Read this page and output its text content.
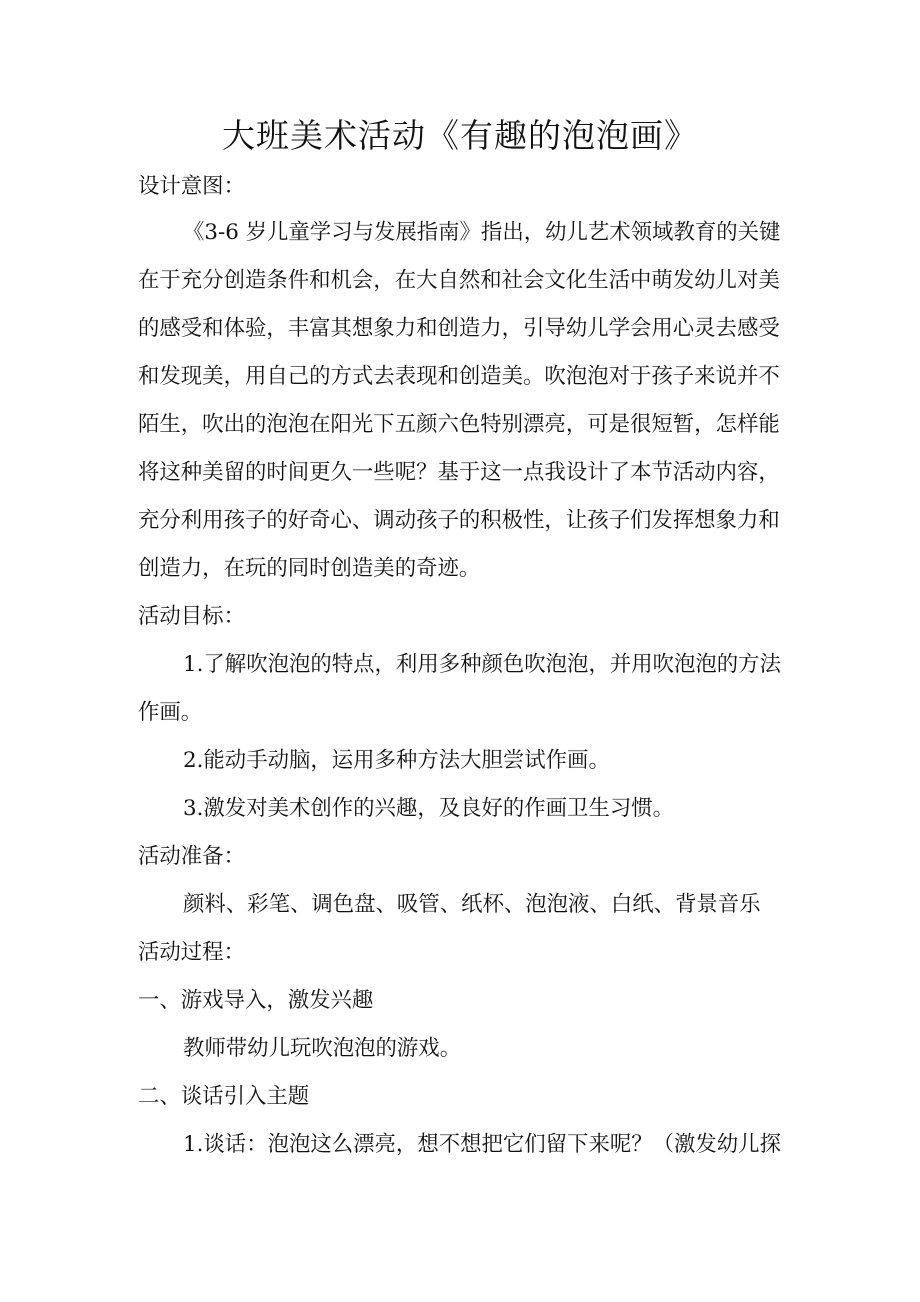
大班美术活动《有趣的泡泡画》
设计意图：
《3-6 岁儿童学习与发展指南》指出，幼儿艺术领域教育的关键
在于充分创造条件和机会，在大自然和社会文化生活中萌发幼儿对美
的感受和体验，丰富其想象力和创造力，引导幼儿学会用心灵去感受
和发现美，用自己的方式去表现和创造美。吹泡泡对于孩子来说并不
陌生，吹出的泡泡在阳光下五颜六色特别漂亮，可是很短暂，怎样能
将这种美留的时间更久一些呢？基于这一点我设计了本节活动内容，
充分利用孩子的好奇心、调动孩子的积极性，让孩子们发挥想象力和
创造力，在玩的同时创造美的奇迹。
活动目标：
1.了解吹泡泡的特点，利用多种颜色吹泡泡，并用吹泡泡的方法
作画。
2.能动手动脑，运用多种方法大胆尝试作画。
3.激发对美术创作的兴趣，及良好的作画卫生习惯。
活动准备：
颜料、彩笔、调色盘、吸管、纸杯、泡泡液、白纸、背景音乐
活动过程：
一、游戏导入，激发兴趣
教师带幼儿玩吹泡泡的游戏。
二、谈话引入主题
1.谈话：泡泡这么漂亮，想不想把它们留下来呢？（激发幼儿探
